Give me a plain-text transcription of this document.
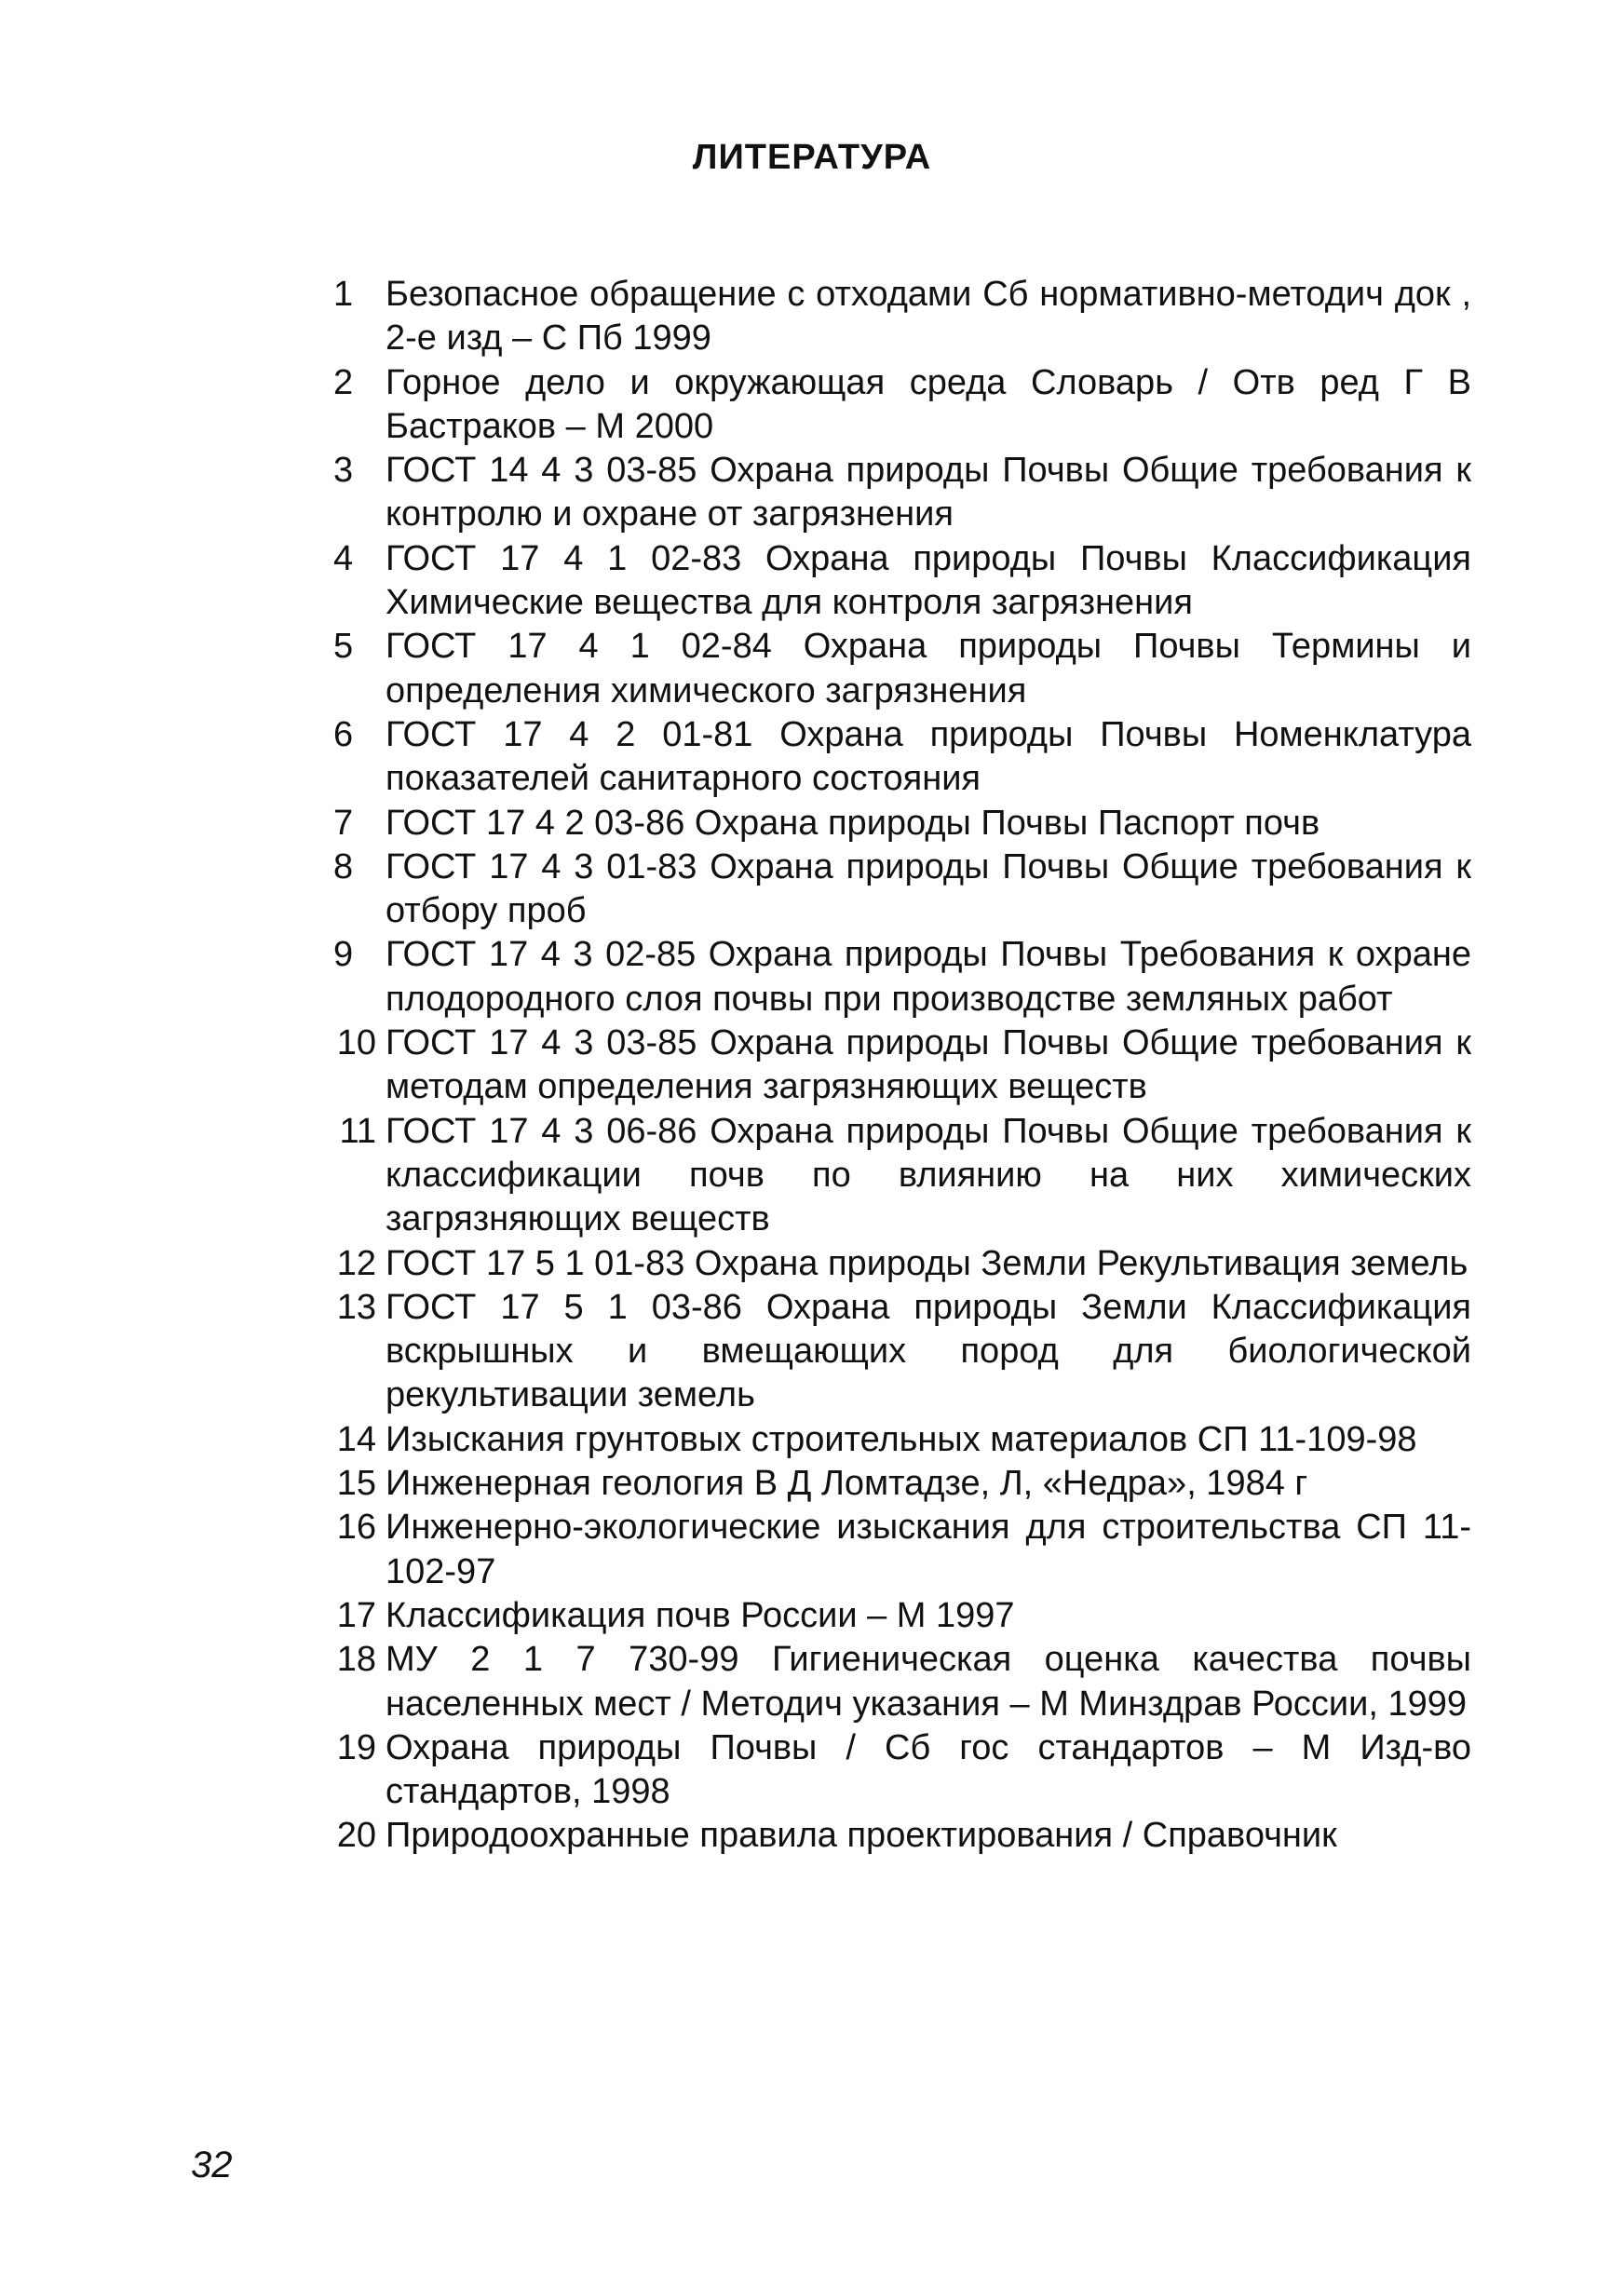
ЛИТЕРАТУРА
1 Безопасное обращение с отходами Сб нормативно-методич док , 2-е изд – С Пб 1999
2 Горное дело и окружающая среда Словарь / Отв ред Г В Бастраков – М 2000
3 ГОСТ 14 4 3 03-85 Охрана природы Почвы Общие требования к контролю и охране от загрязнения
4 ГОСТ 17 4 1 02-83 Охрана природы Почвы Классификация Химические вещества для контроля загрязнения
5 ГОСТ 17 4 1 02-84 Охрана природы Почвы Термины и определения химического загрязнения
6 ГОСТ 17 4 2 01-81 Охрана природы Почвы Номенклатура показателей санитарного состояния
7 ГОСТ 17 4 2 03-86 Охрана природы Почвы Паспорт почв
8 ГОСТ 17 4 3 01-83 Охрана природы Почвы Общие требования к отбору проб
9 ГОСТ 17 4 3 02-85 Охрана природы Почвы Требования к охране плодородного слоя почвы при производстве земляных работ
10 ГОСТ 17 4 3 03-85 Охрана природы Почвы Общие требования к методам определения загрязняющих веществ
11 ГОСТ 17 4 3 06-86 Охрана природы Почвы Общие требования к классификации почв по влиянию на них химических загрязняющих веществ
12 ГОСТ 17 5 1 01-83 Охрана природы Земли Рекультивация земель
13 ГОСТ 17 5 1 03-86 Охрана природы Земли Классификация вскрышных и вмещающих пород для биологической рекультивации земель
14 Изыскания грунтовых строительных материалов СП 11-109-98
15 Инженерная геология В Д Ломтадзе, Л, «Недра», 1984 г
16 Инженерно-экологические изыскания для строительства СП 11-102-97
17 Классификация почв России – М 1997
18 МУ 2 1 7 730-99 Гигиеническая оценка качества почвы населенных мест / Методич указания – М Минздрав России, 1999
19 Охрана природы Почвы / Сб гос стандартов – М Изд-во стандартов, 1998
20 Природоохранные правила проектирования / Справочник
32
